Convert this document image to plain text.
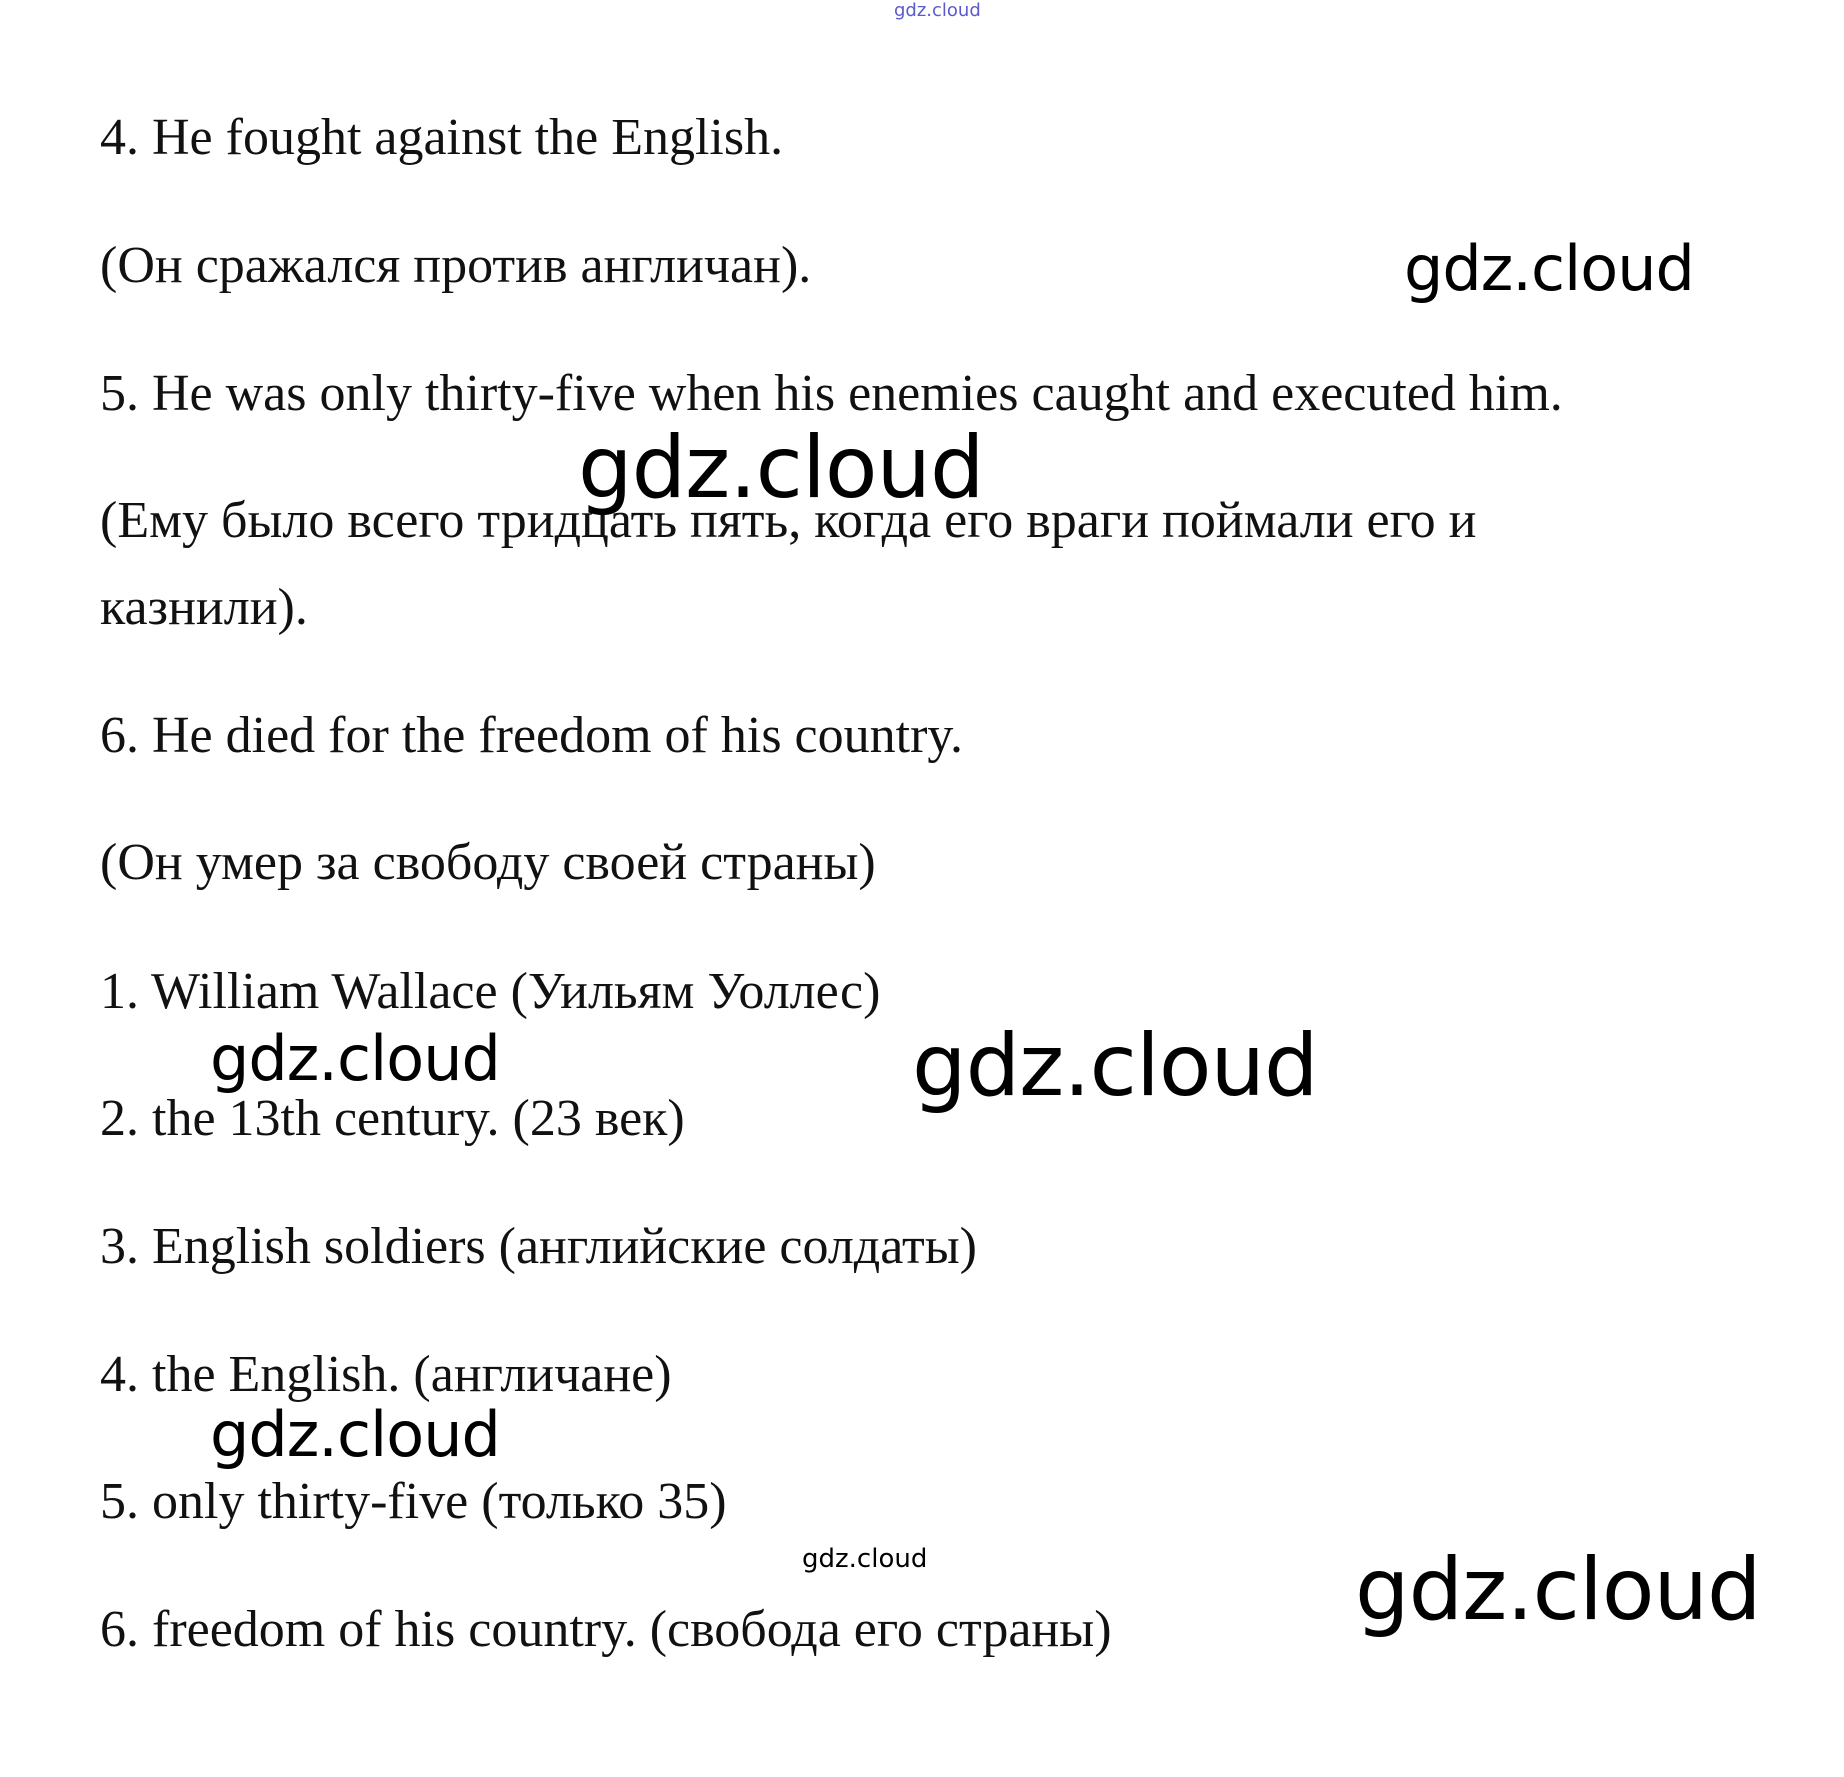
4. He fought against the English.

(Он сражался против англичан).

5. He was only thirty-five when his enemies caught and executed him.

(Ему было всего тридцать пять, когда его враги поймали его и

казнили).

6. He died for the freedom of his country.

(Он умер за свободу своей страны)

1. William Wallace (Уильям Уоллес)

2. the 13th century. (23 век)

3. English soldiers (английские солдаты)

4. the English. (англичане)

5. only thirty-five (только 35)

6. freedom of his country. (свобода его страны)

gdz.cloud
gdz.cloud
gdz.cloud
gdz.cloud	gdz.cloud
gdz.cloud
gdz.cloud	gdz.cloud
